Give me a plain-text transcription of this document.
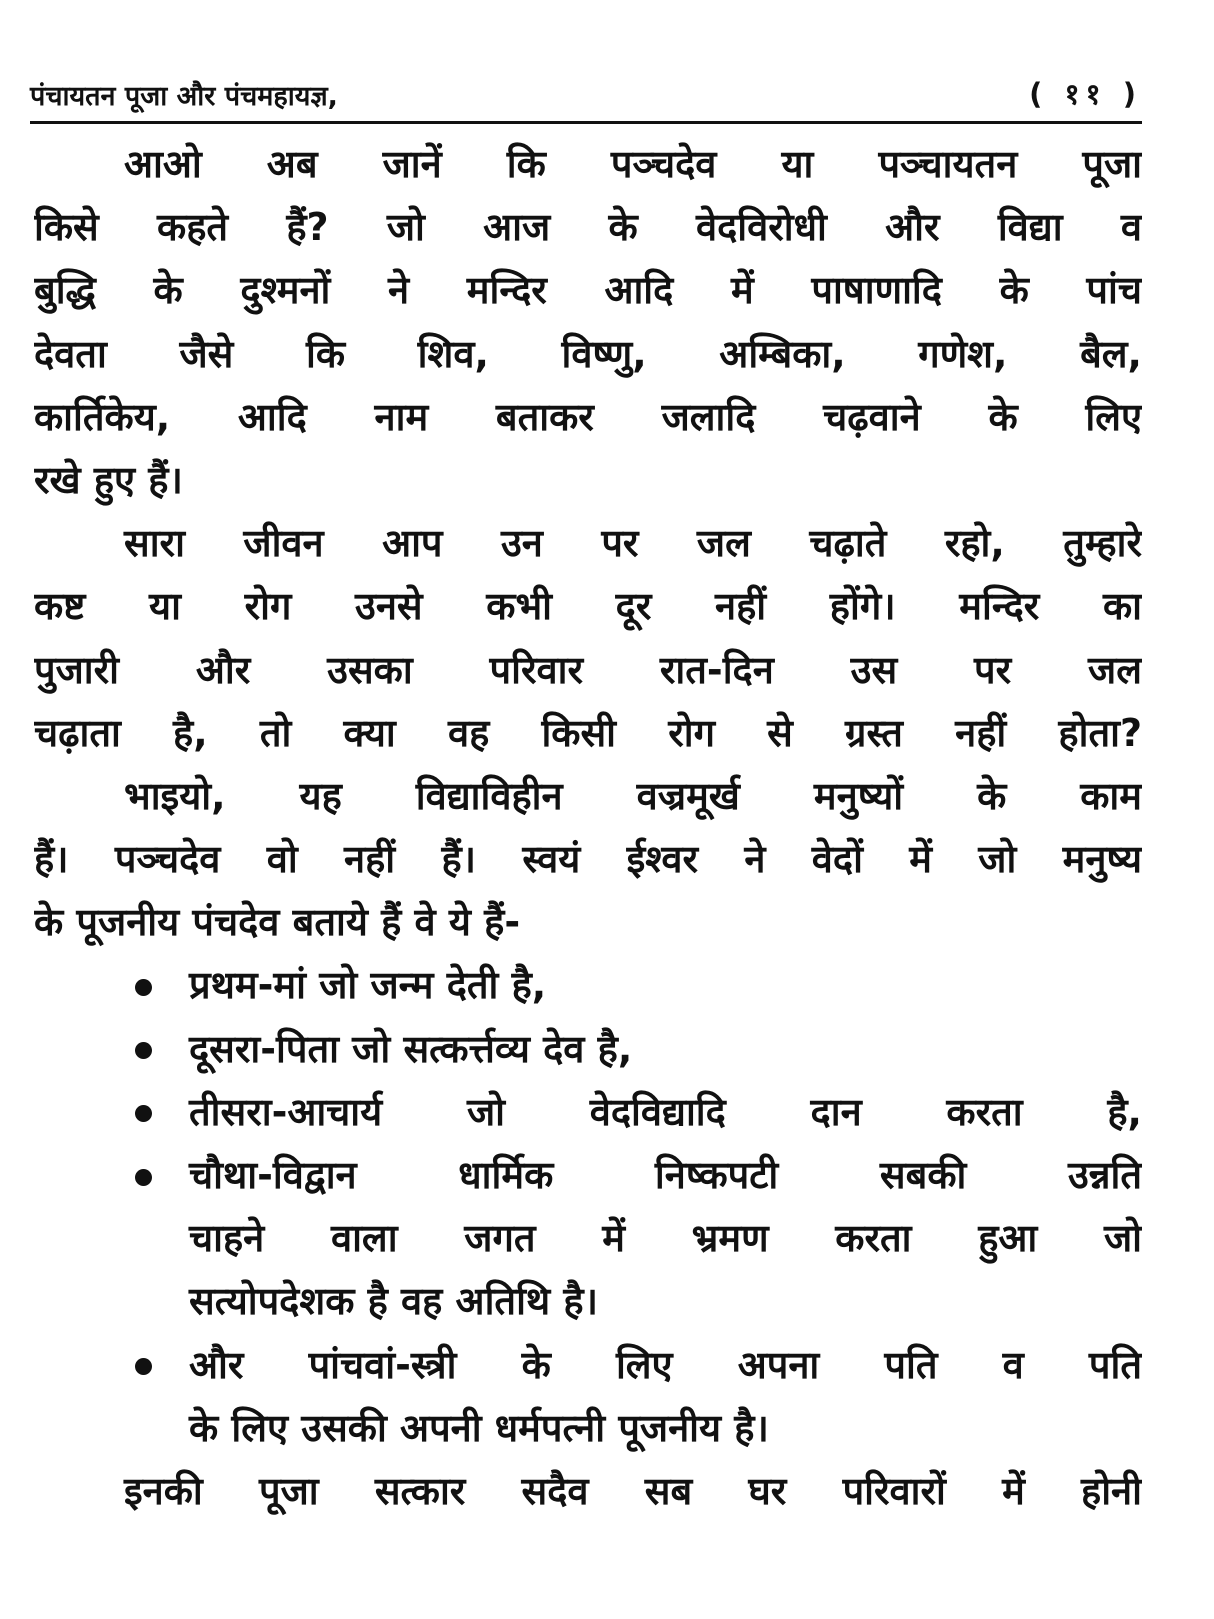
पंचायतन पूजा और पंचमहायज्ञ,	( ११ )
आओ अब जानें कि पञ्चदेव या पञ्चायतन पूजा
किसे कहते हैं? जो आज के वेदविरोधी और विद्या व
बुद्धि के दुश्मनों ने मन्दिर आदि में पाषाणादि के पांच
देवता जैसे कि शिव, विष्णु, अम्बिका, गणेश, बैल,
कार्तिकेय, आदि नाम बताकर जलादि चढ़वाने के लिए
रखे हुए हैं।
सारा जीवन आप उन पर जल चढ़ाते रहो, तुम्हारे
कष्ट या रोग उनसे कभी दूर नहीं होंगे। मन्दिर का
पुजारी और उसका परिवार रात-दिन उस पर जल
चढ़ाता है, तो क्या वह किसी रोग से ग्रस्त नहीं होता?
भाइयो, यह विद्याविहीन वज्रमूर्ख मनुष्यों के काम
हैं। पञ्चदेव वो नहीं हैं। स्वयं ईश्वर ने वेदों में जो मनुष्य
के पूजनीय पंचदेव बताये हैं वे ये हैं-
प्रथम-मां जो जन्म देती है,
दूसरा-पिता जो सत्कर्त्तव्य देव है,
तीसरा-आचार्य जो वेदविद्यादि दान करता है,
चौथा-विद्वान धार्मिक निष्कपटी सबकी उन्नति
चाहने वाला जगत में भ्रमण करता हुआ जो
सत्योपदेशक है वह अतिथि है।
और पांचवां-स्त्री के लिए अपना पति व पति
के लिए उसकी अपनी धर्मपत्नी पूजनीय है।
इनकी पूजा सत्कार सदैव सब घर परिवारों में होनी
